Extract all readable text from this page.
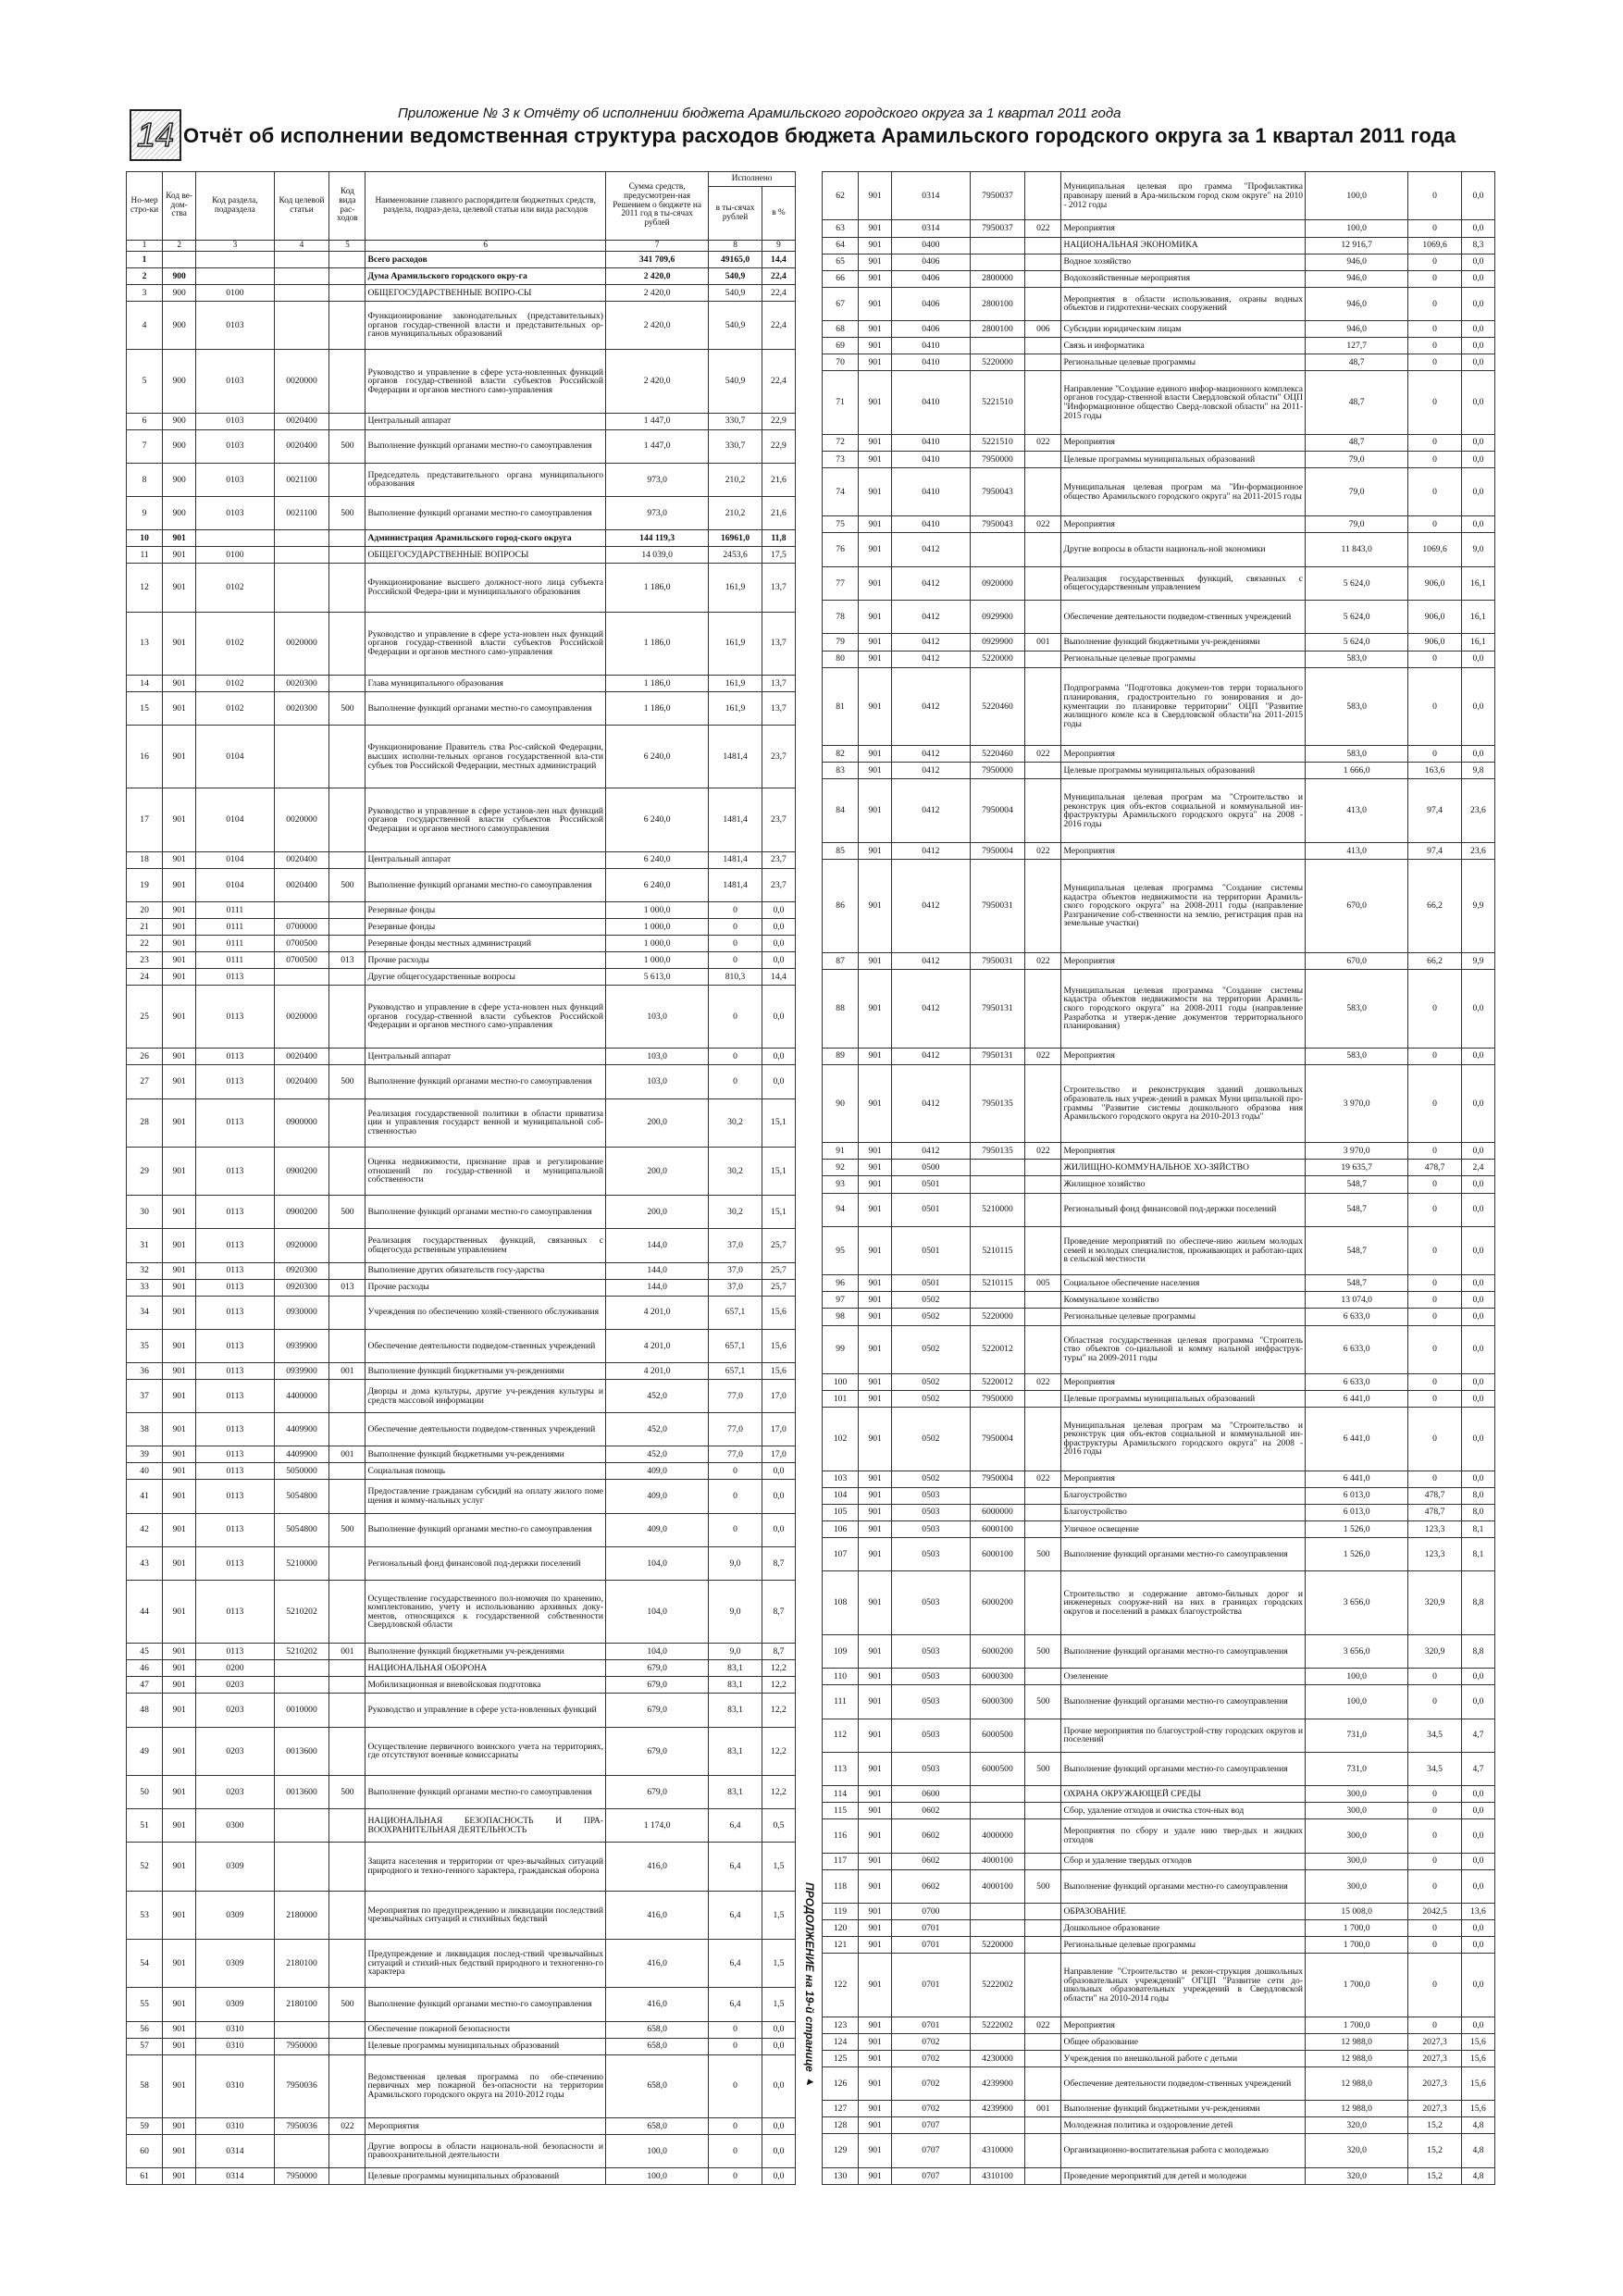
14
Приложение № 3 к Отчёту об исполнении бюджета Арамильского городского округа за 1 квартал 2011 года
Отчёт об исполнении ведомственная структура расходов бюджета Арамильского городского округа за 1 квартал 2011 года
Но-мер стро-ки	Код ве-дом-ства	Код раздела, подраздела	Код целевой статьи	Код вида рас-ходов	Наименование главного распорядителя бюджетных средств, раздела, подраз-дела, целевой статьи или вида расходов	Сумма средств, предусмотрен-ная Решением о бюджете на 2011 год в ты-сячах рублей	Исполнено	
							в ты-сячах рублей	в %
1	2	3	4	5	6	7	8	9
1					Всего расходов	341 709,6	49165,0	14,4
2	900				Дума Арамильского городского окру-га	2 420,0	540,9	22,4
3	900	0100			ОБЩЕГОСУДАРСТВЕННЫЕ ВОПРО-СЫ	2 420,0	540,9	22,4
4	900	0103			Функционирование законодательных (представительных) органов государ-ственной власти и представительных ор-ганов муниципальных образований	2 420,0	540,9	22,4
5	900	0103	0020000		Руководство и управление в сфере уста-новленных функций органов государ-ственной власти субъектов Российской Федерации и органов местного само-управления	2 420,0	540,9	22,4
6	900	0103	0020400		Центральный аппарат	1 447,0	330,7	22,9
7	900	0103	0020400	500	Выполнение функций органами местно-го самоуправления	1 447,0	330,7	22,9
8	900	0103	0021100		Председатель представительного органа муниципального образования	973,0	210,2	21,6
9	900	0103	0021100	500	Выполнение функций органами местно-го самоуправления	973,0	210,2	21,6
10	901				Администрация Арамильского город-ского округа	144 119,3	16961,0	11,8
11	901	0100			ОБЩЕГОСУДАРСТВЕННЫЕ ВОПРОСЫ	14 039,0	2453,6	17,5
12	901	0102			Функционирование высшего должност-ного лица субъекта Российской Федера-ции и муниципального образования	1 186,0	161,9	13,7
13	901	0102	0020000		Руководство и управление в сфере уста-новлен ных функций органов государ-ственной власти субъектов Российской Федерации и органов местного само-управления	1 186,0	161,9	13,7
14	901	0102	0020300		Глава муниципального образования	1 186,0	161,9	13,7
15	901	0102	0020300	500	Выполнение функций органами местно-го самоуправления	1 186,0	161,9	13,7
16	901	0104			Функционирование Правитель ства Рос-сийской Федерации, высших исполни-тельных органов государственной вла-сти субъек тов Российской Федерации, местных администраций	6 240,0	1481,4	23,7
17	901	0104	0020000		Руководство и управление в сфере установ-лен ных функций органов государственной власти субъектов Российской Федерации и органов местного самоуправления	6 240,0	1481,4	23,7
18	901	0104	0020400		Центральный аппарат	6 240,0	1481,4	23,7
19	901	0104	0020400	500	Выполнение функций органами местно-го самоуправления	6 240,0	1481,4	23,7
20	901	0111			Резервные фонды	1 000,0	0	0,0
21	901	0111	0700000		Резервные фонды	1 000,0	0	0,0
22	901	0111	0700500		Резервные фонды местных администраций	1 000,0	0	0,0
23	901	0111	0700500	013	Прочие расходы	1 000,0	0	0,0
24	901	0113			Другие общегосударственные вопросы	5 613,0	810,3	14,4
25	901	0113	0020000		Руководство и управление в сфере уста-новлен ных функций органов государ-ственной власти субъектов Российской Федерации и органов местного само-управления	103,0	0	0,0
26	901	0113	0020400		Центральный аппарат	103,0	0	0,0
27	901	0113	0020400	500	Выполнение функций органами местно-го самоуправления	103,0	0	0,0
28	901	0113	0900000		Реализация государственной политики в области приватиза ции и управления государст венной и муниципальной соб-ственностью	200,0	30,2	15,1
29	901	0113	0900200		Оценка недвижимости, признание прав и регулирование отношений по государ-ственной и муниципальной собственности	200,0	30,2	15,1
30	901	0113	0900200	500	Выполнение функций органами местно-го самоуправления	200,0	30,2	15,1
31	901	0113	0920000		Реализация государственных функций, связанных с общегосуда рственным управлением	144,0	37,0	25,7
32	901	0113	0920300		Выполнение других обязательств госу-дарства	144,0	37,0	25,7
33	901	0113	0920300	013	Прочие расходы	144,0	37,0	25,7
34	901	0113	0930000		Учреждения по обеспечению хозяй-ственного обслуживания	4 201,0	657,1	15,6
35	901	0113	0939900		Обеспечение деятельности подведом-ственных учреждений	4 201,0	657,1	15,6
36	901	0113	0939900	001	Выполнение функций бюджетными уч-реждениями	4 201,0	657,1	15,6
37	901	0113	4400000		Дворцы и дома культуры, другие уч-реждения культуры и средств массовой информации	452,0	77,0	17,0
38	901	0113	4409900		Обеспечение деятельности подведом-ственных учреждений	452,0	77,0	17,0
39	901	0113	4409900	001	Выполнение функций бюджетными уч-реждениями	452,0	77,0	17,0
40	901	0113	5050000		Социальная помощь	409,0	0	0,0
41	901	0113	5054800		Предоставление гражданам субсидий на оплату жилого поме щения и комму-нальных услуг	409,0	0	0,0
42	901	0113	5054800	500	Выполнение функций органами местно-го самоуправления	409,0	0	0,0
43	901	0113	5210000		Региональный фонд финансовой под-держки поселений	104,0	9,0	8,7
44	901	0113	5210202		Осуществление государственного пол-номочия по хранению, комплектованию, учету и использованию архивных доку-ментов, относящихся к государственной собственности Свердловской области	104,0	9,0	8,7
45	901	0113	5210202	001	Выполнение функций бюджетными уч-реждениями	104,0	9,0	8,7
46	901	0200			НАЦИОНАЛЬНАЯ ОБОРОНА	679,0	83,1	12,2
47	901	0203			Мобилизационная и вневойсковая подготовка	679,0	83,1	12,2
48	901	0203	0010000		Руководство и управление в сфере уста-новленных функций	679,0	83,1	12,2
49	901	0203	0013600		Осуществление первичного воинского учета на территориях, где отсутствуют военные комиссариаты	679,0	83,1	12,2
50	901	0203	0013600	500	Выполнение функций органами местно-го самоуправления	679,0	83,1	12,2
51	901	0300			НАЦИОНАЛЬНАЯ БЕЗОПАСНОСТЬ И ПРА-ВООХРАНИТЕЛЬНАЯ ДЕЯТЕЛЬНОСТЬ	1 174,0	6,4	0,5
52	901	0309			Защита населения и территории от чрез-вычайных ситуаций природного и техно-генного характера, гражданская оборона	416,0	6,4	1,5
53	901	0309	2180000		Мероприятия по предупреждению и ликвидации последствий чрезвычайных ситуаций и стихийных бедствий	416,0	6,4	1,5
54	901	0309	2180100		Предупреждение и ликвидация послед-ствий чрезвычайных ситуаций и стихий-ных бедствий природного и техногенно-го характера	416,0	6,4	1,5
55	901	0309	2180100	500	Выполнение функций органами местно-го самоуправления	416,0	6,4	1,5
56	901	0310			Обеспечение пожарной безопасности	658,0	0	0,0
57	901	0310	7950000		Целевые программы муниципальных образований	658,0	0	0,0
58	901	0310	7950036		Ведомственная целевая программа по обе-спечению первичных мер пожарной без-опасности на территории Арамильского городского округа на 2010-2012 годы	658,0	0	0,0
59	901	0310	7950036	022	Мероприятия	658,0	0	0,0
60	901	0314			Другие вопросы в области националь-ной безопасности и правоохранительной деятельности	100,0	0	0,0
61	901	0314	7950000		Целевые программы муниципальных образований	100,0	0	0,0
62	901	0314	7950037		Муниципальная целевая про грамма "Профилактика правонару шений в Ара-мильском город ском округе" на 2010 - 2012 годы	100,0	0	0,0
63	901	0314	7950037	022	Мероприятия	100,0	0	0,0
64	901	0400			НАЦИОНАЛЬНАЯ ЭКОНОМИКА	12 916,7	1069,6	8,3
65	901	0406			Водное хозяйство	946,0	0	0,0
66	901	0406	2800000		Водохозяйственные мероприятия	946,0	0	0,0
67	901	0406	2800100		Мероприятия в области использования, охраны водных объектов и гидротехни-ческих сооружений	946,0	0	0,0
68	901	0406	2800100	006	Субсидии юридическим лицам	946,0	0	0,0
69	901	0410			Связь и информатика	127,7	0	0,0
70	901	0410	5220000		Региональные целевые программы	48,7	0	0,0
71	901	0410	5221510		Направление "Создание единого инфор-мационного комплекса органов государ-ственной власти Свердловской области" ОЦП "Информационное общество Сверд-ловской области" на 2011-2015 годы	48,7	0	0,0
72	901	0410	5221510	022	Мероприятия	48,7	0	0,0
73	901	0410	7950000		Целевые программы муниципальных образований	79,0	0	0,0
74	901	0410	7950043		Муниципальная целевая програм ма "Ин-формационное общество Арамильского городского округа" на 2011-2015 годы	79,0	0	0,0
75	901	0410	7950043	022	Мероприятия	79,0	0	0,0
76	901	0412			Другие вопросы в области националь-ной экономики	11 843,0	1069,6	9,0
77	901	0412	0920000		Реализация государственных функций, связанных с общегосударственным управлением	5 624,0	906,0	16,1
78	901	0412	0929900		Обеспечение деятельности подведом-ственных учреждений	5 624,0	906,0	16,1
79	901	0412	0929900	001	Выполнение функций бюджетными уч-реждениями	5 624,0	906,0	16,1
80	901	0412	5220000		Региональные целевые программы	583,0	0	0,0
81	901	0412	5220460		Подпрограмма "Подготовка докумен-тов терри ториального планирования, градостроительно го зонирования и до-кументации по планировке территории" ОЦП "Развитие жилищного комле кса в Свердловской области"на 2011-2015 годы	583,0	0	0,0
82	901	0412	5220460	022	Мероприятия	583,0	0	0,0
83	901	0412	7950000		Целевые программы муниципальных образований	1 666,0	163,6	9,8
84	901	0412	7950004		Муниципальная целевая програм ма "Строительство и реконструк ция объ-ектов социальной и коммунальной ин-фраструктуры Арамильского городского округа" на 2008 - 2016 годы	413,0	97,4	23,6
85	901	0412	7950004	022	Мероприятия	413,0	97,4	23,6
86	901	0412	7950031		Муниципальная целевая программа "Создание системы кадастра объектов недвижимости на территории Арамиль-ского городского округа" на 2008-2011 годы (направление Разграничение соб-ственности на землю, регистрация прав на земельные участки)	670,0	66,2	9,9
87	901	0412	7950031	022	Мероприятия	670,0	66,2	9,9
88	901	0412	7950131		Муниципальная целевая программа "Создание системы кадастра объектов недвижимости на территории Арамиль-ского городского округа" на 2008-2011 годы (направление Разработка и утверж-дение документов территориального планирования)	583,0	0	0,0
89	901	0412	7950131	022	Мероприятия	583,0	0	0,0
90	901	0412	7950135		Строительство и реконструкция зданий дошкольных образователь ных учреж-дений в рамках Муни ципальной про-граммы "Развитие системы дошкольного образова ния Арамильского городского округа на 2010-2013 годы"	3 970,0	0	0,0
91	901	0412	7950135	022	Мероприятия	3 970,0	0	0,0
92	901	0500			ЖИЛИЩНО-КОММУНАЛЬНОЕ ХО-ЗЯЙСТВО	19 635,7	478,7	2,4
93	901	0501			Жилищное хозяйство	548,7	0	0,0
94	901	0501	5210000		Региональный фонд финансовой под-держки поселений	548,7	0	0,0
95	901	0501	5210115		Проведение мероприятий по обеспече-нию жильем молодых семей и молодых специалистов, проживающих и работаю-щих в сельской местности	548,7	0	0,0
96	901	0501	5210115	005	Социальное обеспечение населения	548,7	0	0,0
97	901	0502			Коммунальное хозяйство	13 074,0	0	0,0
98	901	0502	5220000		Региональные целевые программы	6 633,0	0	0,0
99	901	0502	5220012		Областная государственная целевая программа "Строитель ство объектов со-циальной и комму нальной инфраструк-туры" на 2009-2011 годы	6 633,0	0	0,0
100	901	0502	5220012	022	Мероприятия	6 633,0	0	0,0
101	901	0502	7950000		Целевые программы муниципальных образований	6 441,0	0	0,0
102	901	0502	7950004		Муниципальная целевая програм ма "Строительство и реконструк ция объ-ектов социальной и коммунальной ин-фраструктуры Арамильского городского округа" на 2008 - 2016 годы	6 441,0	0	0,0
103	901	0502	7950004	022	Мероприятия	6 441,0	0	0,0
104	901	0503			Благоустройство	6 013,0	478,7	8,0
105	901	0503	6000000		Благоустройство	6 013,0	478,7	8,0
106	901	0503	6000100		Уличное освещение	1 526,0	123,3	8,1
107	901	0503	6000100	500	Выполнение функций органами местно-го самоуправления	1 526,0	123,3	8,1
108	901	0503	6000200		Строительство и содержание автомо-бильных дорог и инженерных сооруже-ний на них в границах городских округов и поселений в рамках благоустройства	3 656,0	320,9	8,8
109	901	0503	6000200	500	Выполнение функций органами местно-го самоуправления	3 656,0	320,9	8,8
110	901	0503	6000300		Озеленение	100,0	0	0,0
111	901	0503	6000300	500	Выполнение функций органами местно-го самоуправления	100,0	0	0,0
112	901	0503	6000500		Прочие мероприятия по благоустрой-ству городских округов и поселений	731,0	34,5	4,7
113	901	0503	6000500	500	Выполнение функций органами местно-го самоуправления	731,0	34,5	4,7
114	901	0600			ОХРАНА ОКРУЖАЮЩЕЙ СРЕДЫ	300,0	0	0,0
115	901	0602			Сбор, удаление отходов и очистка сточ-ных вод	300,0	0	0,0
116	901	0602	4000000		Мероприятия по сбору и удале нию твер-дых и жидких отходов	300,0	0	0,0
117	901	0602	4000100		Сбор и удаление твердых отходов	300,0	0	0,0
118	901	0602	4000100	500	Выполнение функций органами местно-го самоуправления	300,0	0	0,0
119	901	0700			ОБРАЗОВАНИЕ	15 008,0	2042,5	13,6
120	901	0701			Дошкольное образование	1 700,0	0	0,0
121	901	0701	5220000		Региональные целевые программы	1 700,0	0	0,0
122	901	0701	5222002		Направление "Строительство и рекон-струкция дошкольных образовательных учреждений" ОГЦП "Развитие сети до-школьных образовательных учреждений в Свердловской области" на 2010-2014 годы	1 700,0	0	0,0
123	901	0701	5222002	022	Мероприятия	1 700,0	0	0,0
124	901	0702			Общее образование	12 988,0	2027,3	15,6
125	901	0702	4230000		Учреждения по внешкольной работе с детьми	12 988,0	2027,3	15,6
126	901	0702	4239900		Обеспечение деятельности подведом-ственных учреждений	12 988,0	2027,3	15,6
127	901	0702	4239900	001	Выполнение функций бюджетными уч-реждениями	12 988,0	2027,3	15,6
128	901	0707			Молодежная политика и оздоровление детей	320,0	15,2	4,8
129	901	0707	4310000		Организационно-воспитательная работа с молодежью	320,0	15,2	4,8
130	901	0707	4310100		Проведение мероприятий для детей и молодежи	320,0	15,2	4,8
ПРОДОЛЖЕНИЕ на 19-й странице ▸
